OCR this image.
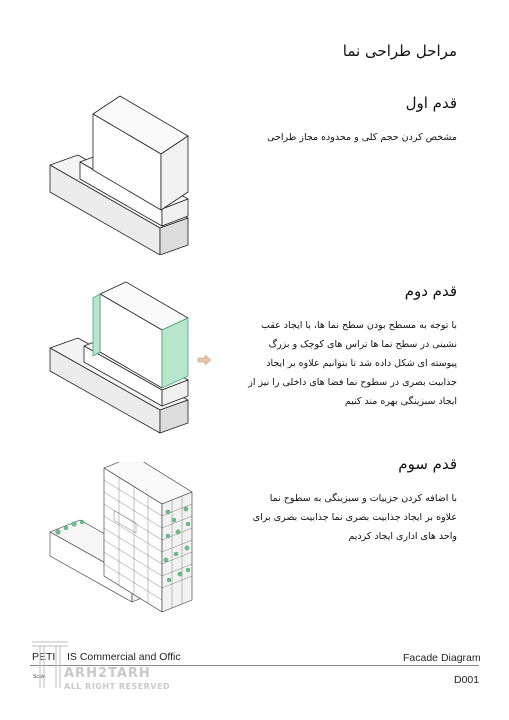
مراحل طراحی نما
قدم اول
مشخص کردن حجم کلی و محدوده مجاز طراحی
قدم دوم
با توجه به مسطح بودن سطح نما ها، با ایجاد عقب نشینی در سطح نما ها تراس های کوچک و بزرگ پیوسته ای شکل داده شد تا بتوانیم علاوه بر ایجاد جذابیت بصری در سطوح نما فضا های داخلی را نیز از ایجاد سبزینگی بهره مند کنیم
قدم سوم
با اضافه کردن جزییات و سبزینگی به سطوح نما علاوه بر ایجاد جذابیت بصری نما جذابیت بصری برای واحد های اداری ایجاد کردیم
PETI    IS Commercial and Offic
Scale
Facade Diagram
D001
ARH2TARH
ALL RIGHT RESERVED
